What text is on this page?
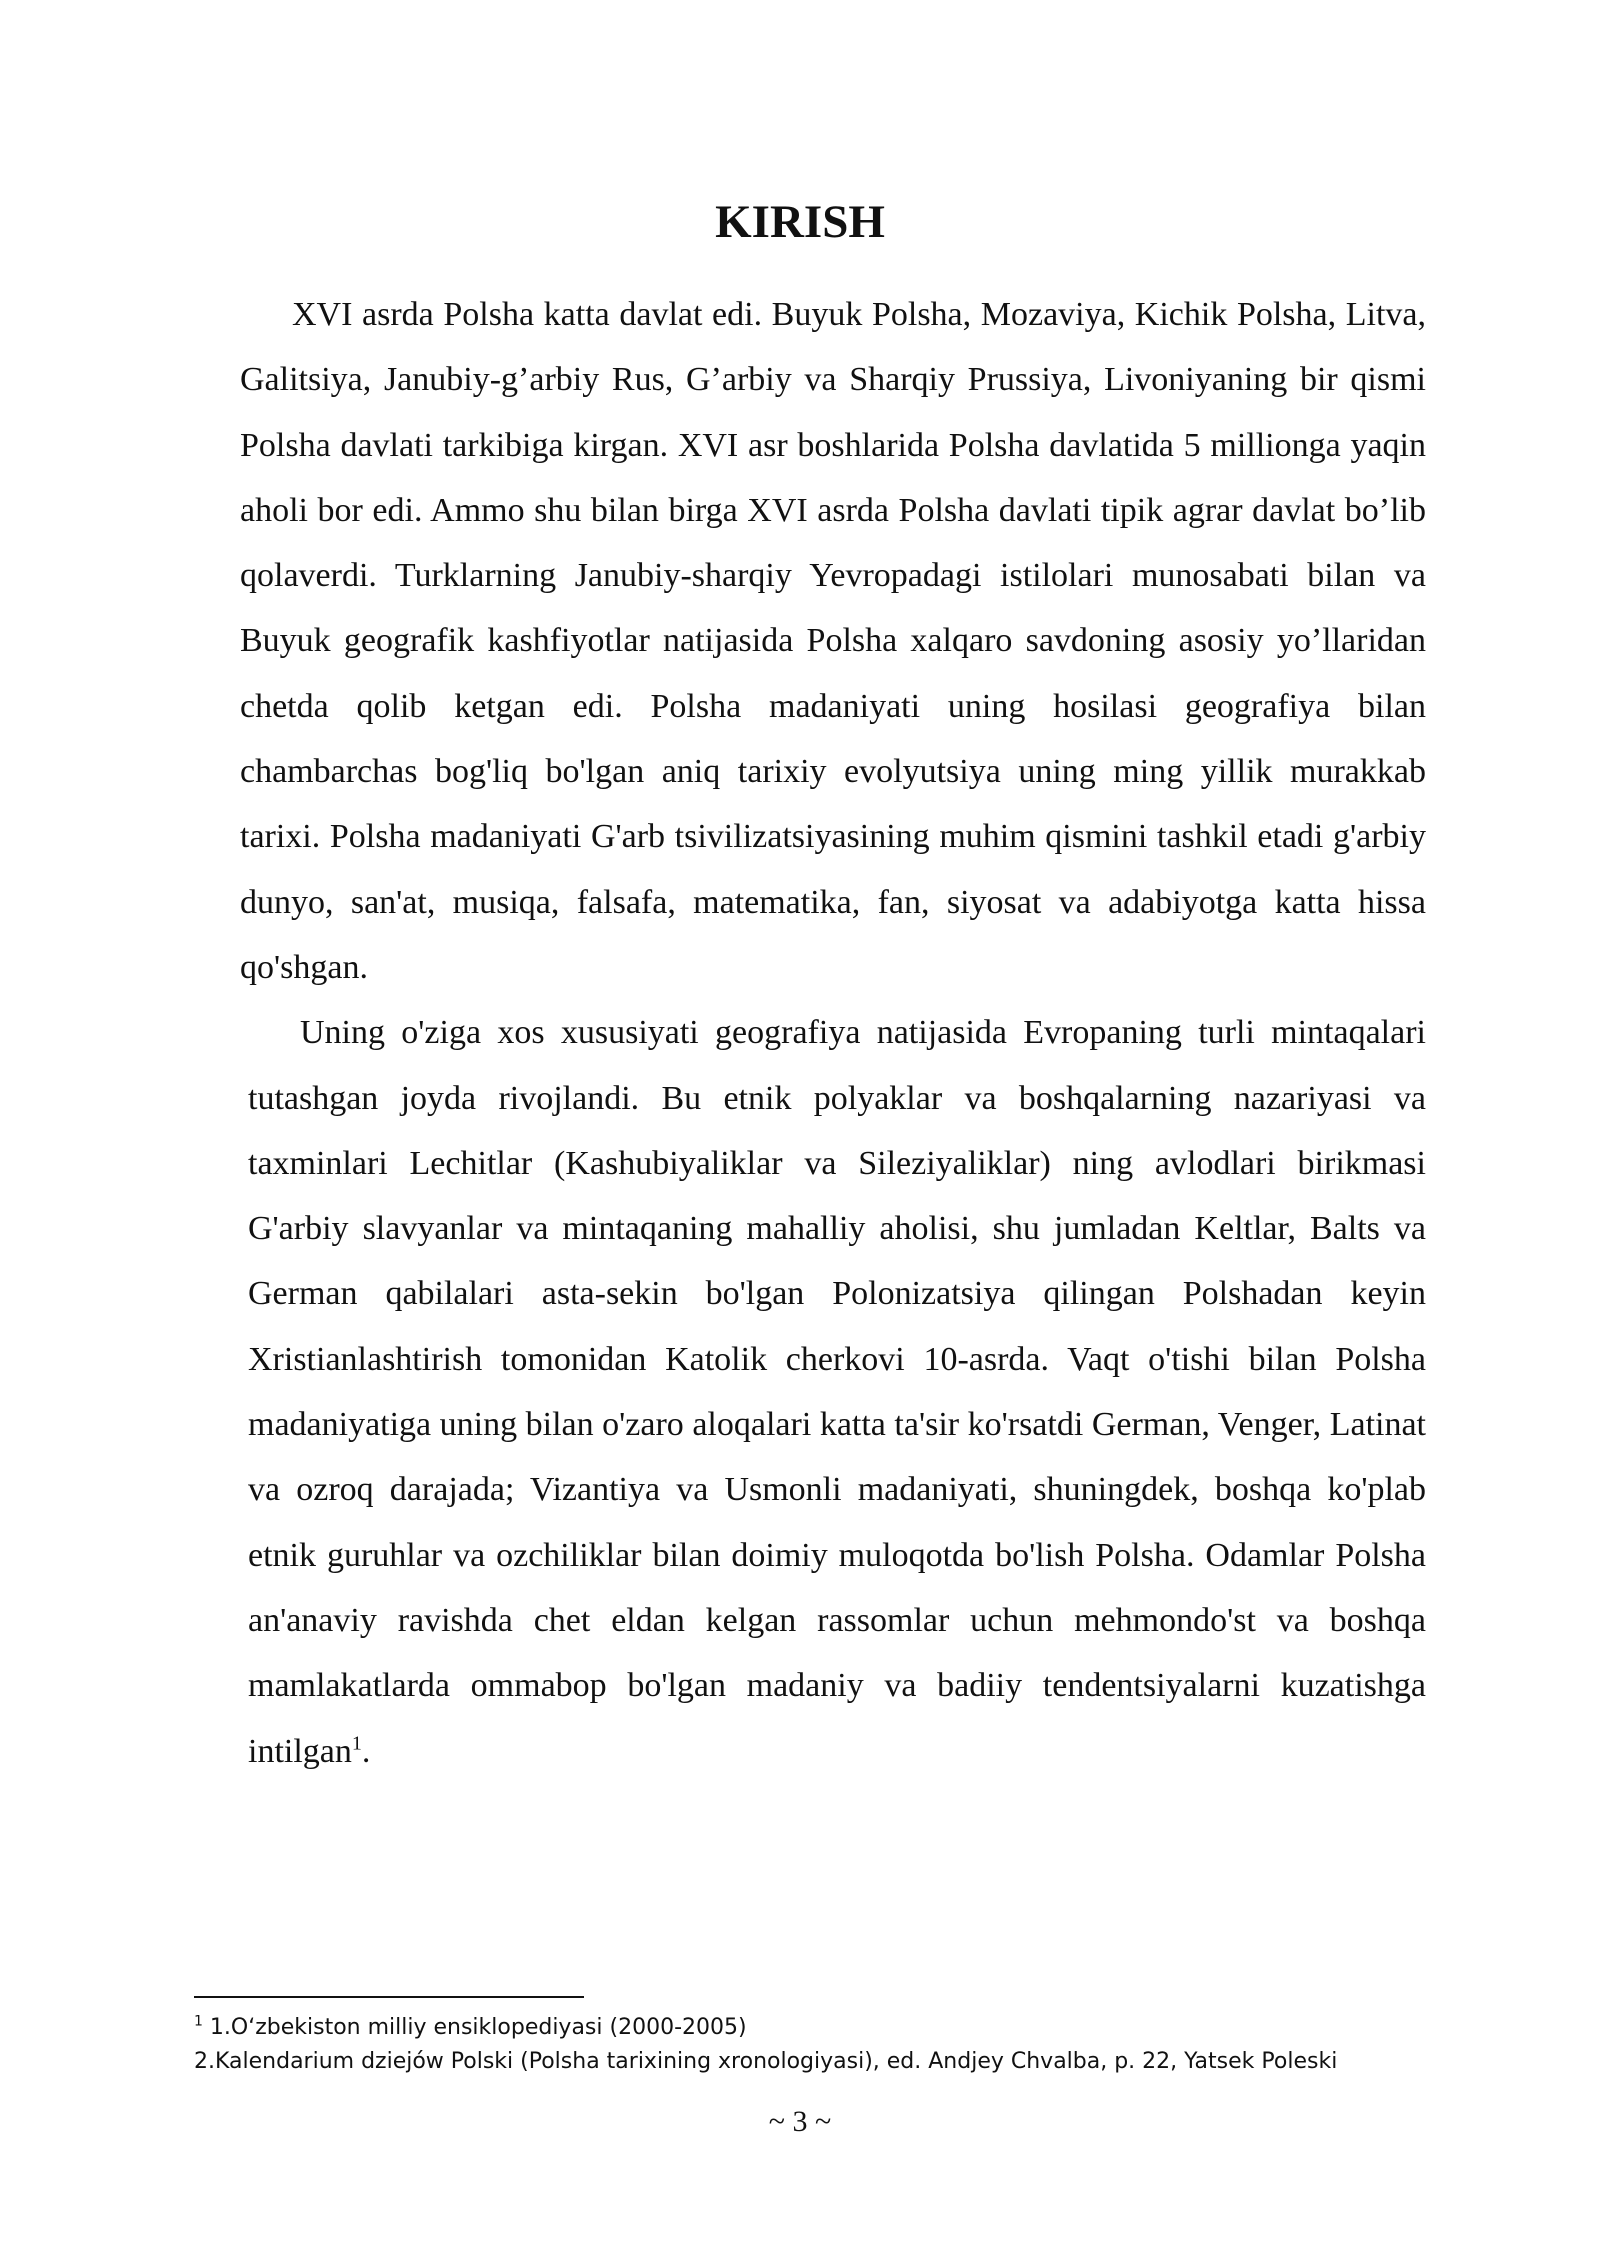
KIRISH

XVI asrda Polsha katta davlat edi. Buyuk Polsha, Mozaviya, Kichik Polsha, Litva, Galitsiya, Janubiy-g’arbiy Rus, G’arbiy va Sharqiy Prussiya, Livoniyaning bir qismi Polsha davlati tarkibiga kirgan. XVI asr boshlarida Polsha davlatida 5 millionga yaqin aholi bor edi. Ammo shu bilan birga XVI asrda Polsha davlati tipik agrar davlat bo’lib qolaverdi. Turklarning Janubiy-sharqiy Yevropadagi istilolari munosabati bilan va Buyuk geografik kashfiyotlar natijasida Polsha xalqaro savdoning asosiy yo’llaridan chetda qolib ketgan edi. Polsha madaniyati uning hosilasi geografiya bilan chambarchas bog'liq bo'lgan aniq tarixiy evolyutsiya uning ming yillik murakkab tarixi. Polsha madaniyati G'arb tsivilizatsiyasining muhim qismini tashkil etadi g'arbiy dunyo, san'at, musiqa, falsafa, matematika, fan, siyosat va adabiyotga katta hissa qo'shgan.

Uning o'ziga xos xususiyati geografiya natijasida Evropaning turli mintaqalari tutashgan joyda rivojlandi. Bu etnik polyaklar va boshqalarning nazariyasi va taxminlari Lechitlar (Kashubiyaliklar va Sileziyaliklar) ning avlodlari birikmasi G'arbiy slavyanlar va mintaqaning mahalliy aholisi, shu jumladan Keltlar, Balts va German qabilalari asta-sekin bo'lgan Polonizatsiya qilingan Polshadan keyin Xristianlashtirish tomonidan Katolik cherkovi 10-asrda. Vaqt o'tishi bilan Polsha madaniyatiga uning bilan o'zaro aloqalari katta ta'sir ko'rsatdi German, Venger, Latinat va ozroq darajada; Vizantiya va Usmonli madaniyati, shuningdek, boshqa ko'plab etnik guruhlar va ozchiliklar bilan doimiy muloqotda bo'lish Polsha. Odamlar Polsha an'anaviy ravishda chet eldan kelgan rassomlar uchun mehmondo'st va boshqa mamlakatlarda ommabop bo'lgan madaniy va badiiy tendentsiyalarni kuzatishga intilgan$^1$.

$^1$ 1.O‘zbekiston milliy ensiklopediyasi (2000-2005)

2.Kalendarium dziejów Polski (Polsha tarixining xronologiyasi), ed. Andjey Chvalba, p. 22, Yatsek Poleski

~ 3 ~
